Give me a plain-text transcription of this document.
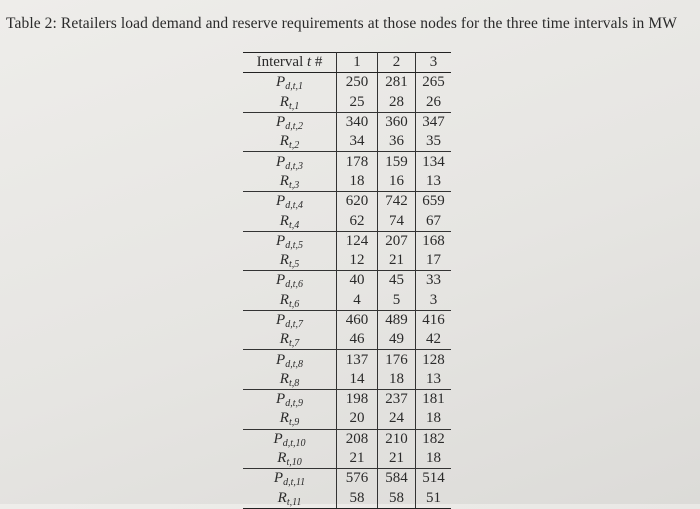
Table 2: Retailers load demand and reserve requirements at those nodes for the three time intervals in MW
Interval t #	1	2	3
$P_{d,t,1}$	250	281	265
$R_{t,1}$	25	28	26
$P_{d,t,2}$	340	360	347
$R_{t,2}$	34	36	35
$P_{d,t,3}$	178	159	134
$R_{t,3}$	18	16	13
$P_{d,t,4}$	620	742	659
$R_{t,4}$	62	74	67
$P_{d,t,5}$	124	207	168
$R_{t,5}$	12	21	17
$P_{d,t,6}$	40	45	33
$R_{t,6}$	4	5	3
$P_{d,t,7}$	460	489	416
$R_{t,7}$	46	49	42
$P_{d,t,8}$	137	176	128
$R_{t,8}$	14	18	13
$P_{d,t,9}$	198	237	181
$R_{t,9}$	20	24	18
$P_{d,t,10}$	208	210	182
$R_{t,10}$	21	21	18
$P_{d,t,11}$	576	584	514
$R_{t,11}$	58	58	51
